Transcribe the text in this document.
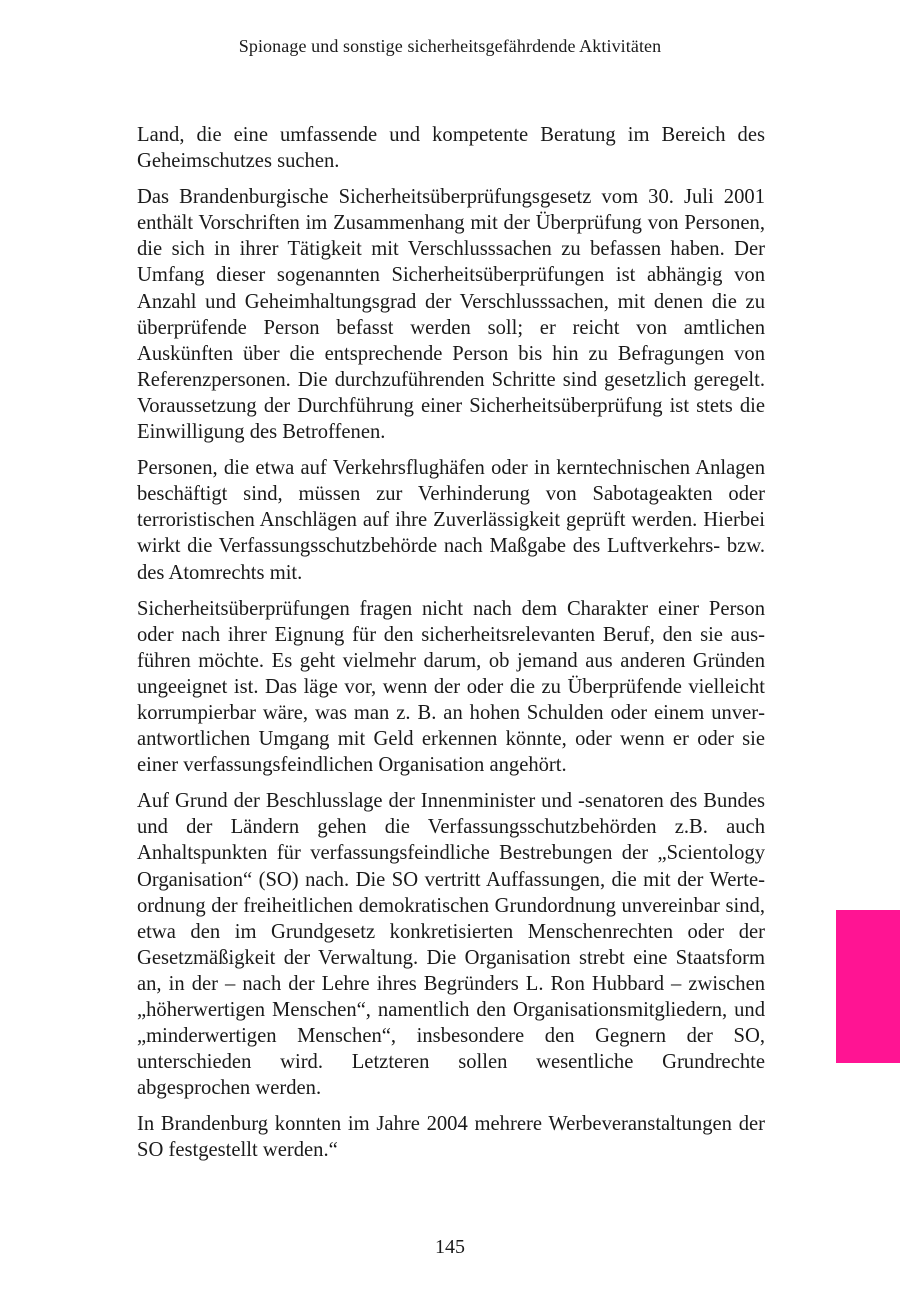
Spionage und sonstige sicherheitsgefährdende Aktivitäten

Land, die eine umfassende und kompetente Beratung im Bereich des Geheimschutzes suchen.

Das Brandenburgische Sicherheitsüberprüfungsgesetz vom 30. Juli 2001 enthält Vorschriften im Zusammenhang mit der Überprüfung von Personen, die sich in ihrer Tätigkeit mit Verschlusssachen zu befassen haben. Der Umfang dieser sogenannten Sicherheitsüberprüfungen ist abhängig von Anzahl und Geheimhaltungsgrad der Verschlusssachen, mit denen die zu überprüfende Person befasst werden soll; er reicht von amtlichen Auskünften über die entsprechende Person bis hin zu Befragungen von Referenzpersonen. Die durchzuführenden Schritte sind gesetzlich geregelt. Voraussetzung der Durchführung einer Sicherheitsüberprüfung ist stets die Einwilligung des Betroffenen.

Personen, die etwa auf Verkehrsflughäfen oder in kerntechnischen Anlagen beschäftigt sind, müssen zur Verhinderung von Sabotageakten oder terroristischen Anschlägen auf ihre Zuverlässigkeit geprüft werden. Hierbei wirkt die Verfassungsschutzbehörde nach Maßgabe des Luftverkehrs- bzw. des Atomrechts mit.

Sicherheitsüberprüfungen fragen nicht nach dem Charakter einer Person oder nach ihrer Eignung für den sicherheitsrelevanten Beruf, den sie ausführen möchte. Es geht vielmehr darum, ob jemand aus anderen Gründen ungeeignet ist. Das läge vor, wenn der oder die zu Überprüfende vielleicht korrumpierbar wäre, was man z. B. an hohen Schulden oder einem unverantwortlichen Umgang mit Geld erkennen könnte, oder wenn er oder sie einer verfassungsfeindlichen Organisation angehört.

Auf Grund der Beschlusslage der Innenminister und -senatoren des Bundes und der Ländern gehen die Verfassungsschutzbehörden z.B. auch Anhaltspunkten für verfassungsfeindliche Bestrebungen der „Scientology Organisation“ (SO) nach. Die SO vertritt Auffassungen, die mit der Werteordnung der freiheitlichen demokratischen Grundordnung unvereinbar sind, etwa den im Grundgesetz konkretisierten Menschenrechten oder der Gesetzmäßigkeit der Verwaltung. Die Organisation strebt eine Staatsform an, in der – nach der Lehre ihres Begründers L. Ron Hubbard – zwischen „höherwertigen Menschen“, namentlich den Organisationsmitgliedern, und „minderwertigen Menschen“, insbesondere den Gegnern der SO, unterschieden wird. Letzteren sollen wesentliche Grundrechte abgesprochen werden.

In Brandenburg konnten im Jahre 2004 mehrere Werbeveranstaltungen der SO festgestellt werden.“

145
